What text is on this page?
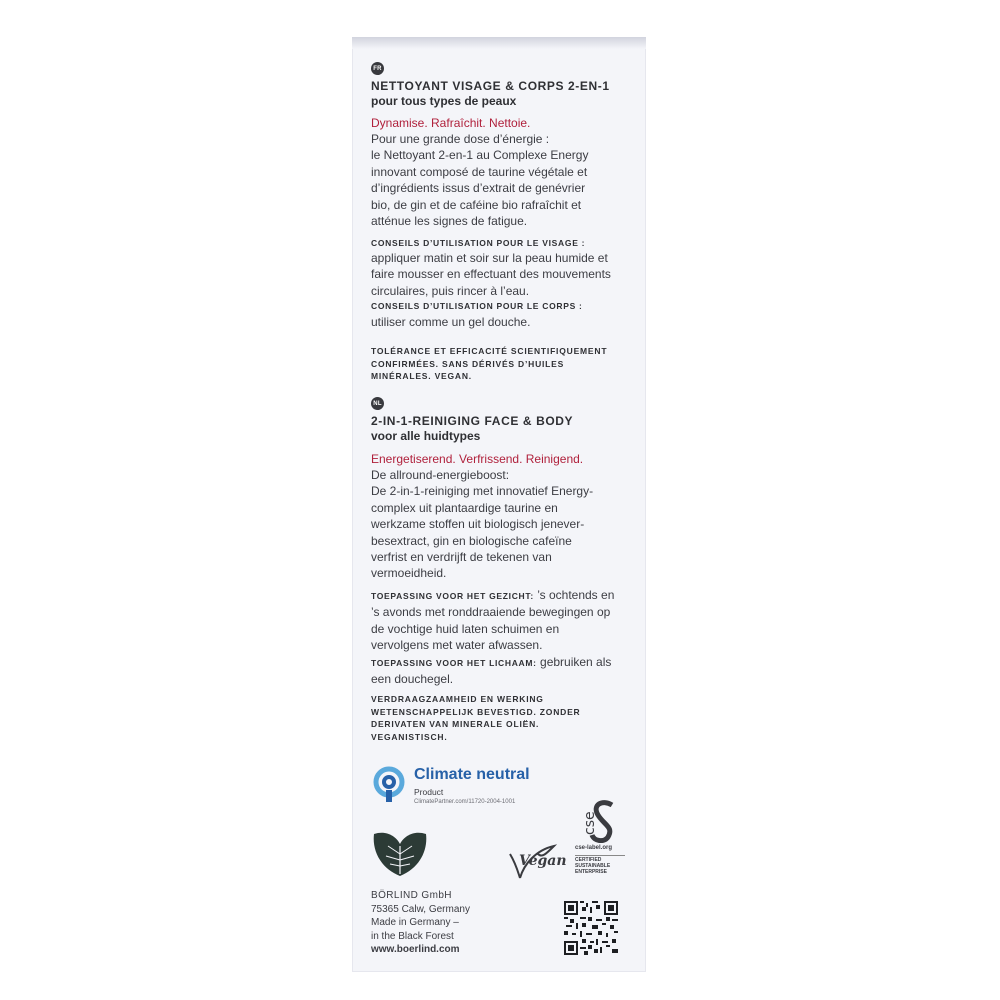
FR
NETTOYANT VISAGE & CORPS 2-EN-1
pour tous types de peaux
Dynamise. Rafraîchit. Nettoie.
Pour une grande dose d’énergie :
le Nettoyant 2-en-1 au Complexe Energy
innovant composé de taurine végétale et
d’ingrédients issus d’extrait de genévrier
bio, de gin et de caféine bio rafraîchit et
atténue les signes de fatigue.
CONSEILS D’UTILISATION POUR LE VISAGE :
appliquer matin et soir sur la peau humide et
faire mousser en effectuant des mouvements
circulaires, puis rincer à l’eau.
CONSEILS D’UTILISATION POUR LE CORPS :
utiliser comme un gel douche.
TOLÉRANCE ET EFFICACITÉ SCIENTIFIQUEMENT
CONFIRMÉES. SANS DÉRIVÉS D’HUILES
MINÉRALES. VEGAN.
NL
2-IN-1-REINIGING FACE & BODY
voor alle huidtypes
Energetiserend. Verfrissend. Reinigend.
De allround-energieboost:
De 2-in-1-reiniging met innovatief Energy-
complex uit plantaardige taurine en
werkzame stoffen uit biologisch jenever-
besextract, gin en biologische cafeïne
verfrist en verdrijft de tekenen van
vermoeidheid.
TOEPASSING VOOR HET GEZICHT: ’s ochtends en
’s avonds met ronddraaiende bewegingen op
de vochtige huid laten schuimen en
vervolgens met water afwassen.
TOEPASSING VOOR HET LICHAAM: gebruiken als
een douchegel.
VERDRAAGZAAMHEID EN WERKING
WETENSCHAPPELIJK BEVESTIGD. ZONDER
DERIVATEN VAN MINERALE OLIËN.
VEGANISTISCH.
Climate neutral
Product
ClimatePartner.com/11720-2004-1001
cse
cse-label.org
CERTIFIED
SUSTAINABLE
ENTERPRISE
Vegan
BÖRLIND GmbH
75365 Calw, Germany
Made in Germany –
in the Black Forest
www.boerlind.com
